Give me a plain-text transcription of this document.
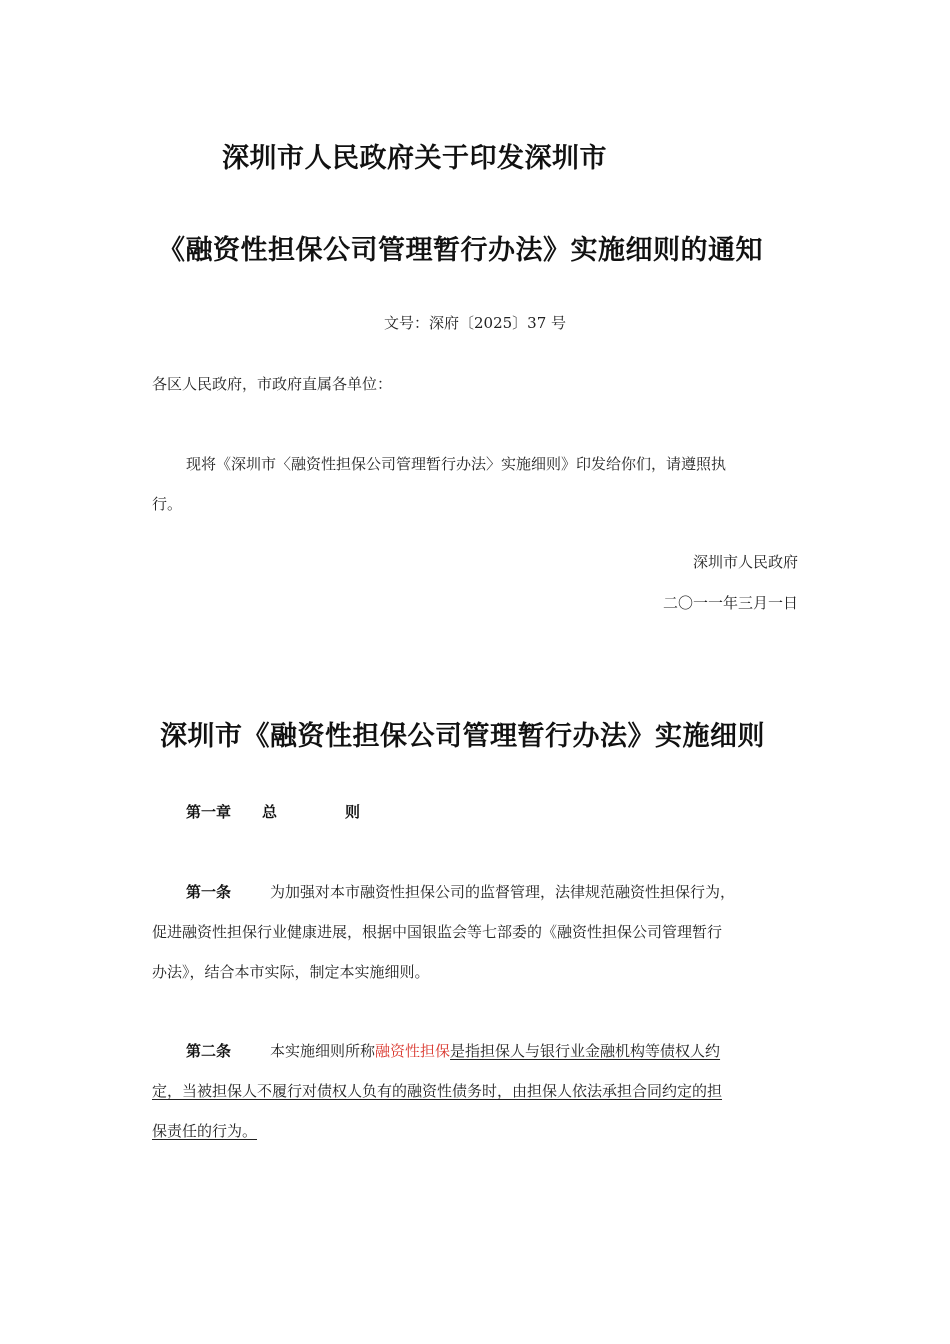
深圳市人民政府关于印发深圳市
《融资性担保公司管理暂行办法》实施细则的通知
文号：深府〔2025〕37 号
各区人民政府，市政府直属各单位：
现将《深圳市〈融资性担保公司管理暂行办法〉实施细则》印发给你们，请遵照执
行。
深圳市人民政府
二〇一一年三月一日
深圳市《融资性担保公司管理暂行办法》实施细则
第一章 总	则
第一条	为加强对本市融资性担保公司的监督管理，法律规范融资性担保行为，
促进融资性担保行业健康进展，根据中国银监会等七部委的《融资性担保公司管理暂行
办法》，结合本市实际，制定本实施细则。
第二条	本实施细则所称融资性担保是指担保人与银行业金融机构等债权人约
定，当被担保人不履行对债权人负有的融资性债务时，由担保人依法承担合同约定的担
保责任的行为。
